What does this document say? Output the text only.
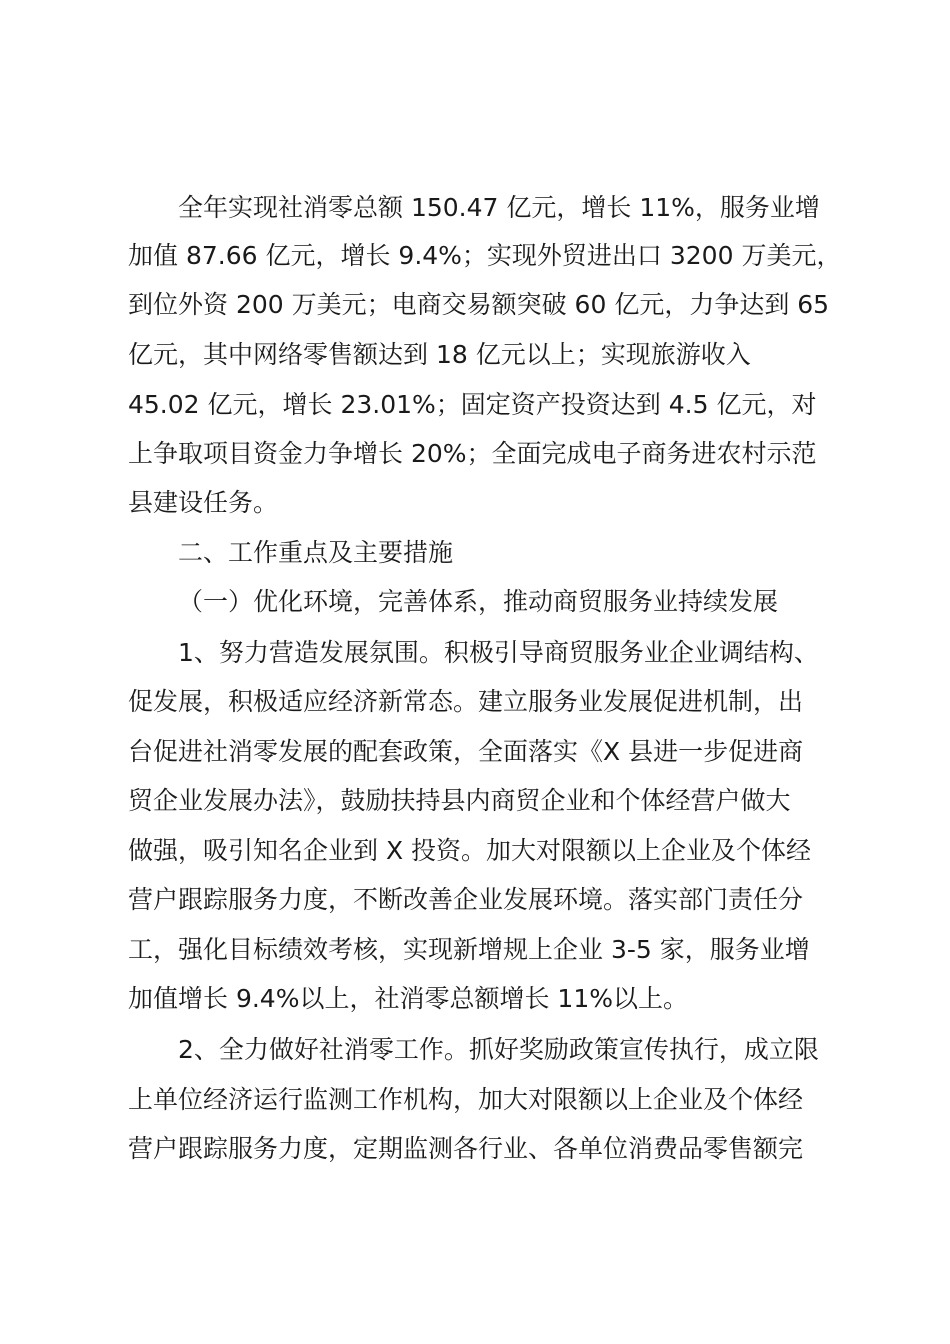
全年实现社消零总额 150.47 亿元，增长 11%，服务业增

加值 87.66 亿元，增长 9.4%；实现外贸进出口 3200 万美元，

到位外资 200 万美元；电商交易额突破 60 亿元，力争达到 65

亿元，其中网络零售额达到 18 亿元以上；实现旅游收入

45.02 亿元，增长 23.01%；固定资产投资达到 4.5 亿元，对

上争取项目资金力争增长 20%；全面完成电子商务进农村示范

县建设任务。

二、工作重点及主要措施

（一）优化环境，完善体系，推动商贸服务业持续发展

1、努力营造发展氛围。积极引导商贸服务业企业调结构、

促发展，积极适应经济新常态。建立服务业发展促进机制，出

台促进社消零发展的配套政策，全面落实《X 县进一步促进商

贸企业发展办法》，鼓励扶持县内商贸企业和个体经营户做大

做强，吸引知名企业到 X 投资。加大对限额以上企业及个体经

营户跟踪服务力度，不断改善企业发展环境。落实部门责任分

工，强化目标绩效考核，实现新增规上企业 3-5 家，服务业增

加值增长 9.4%以上，社消零总额增长 11%以上。

2、全力做好社消零工作。抓好奖励政策宣传执行，成立限

上单位经济运行监测工作机构，加大对限额以上企业及个体经

营户跟踪服务力度，定期监测各行业、各单位消费品零售额完
